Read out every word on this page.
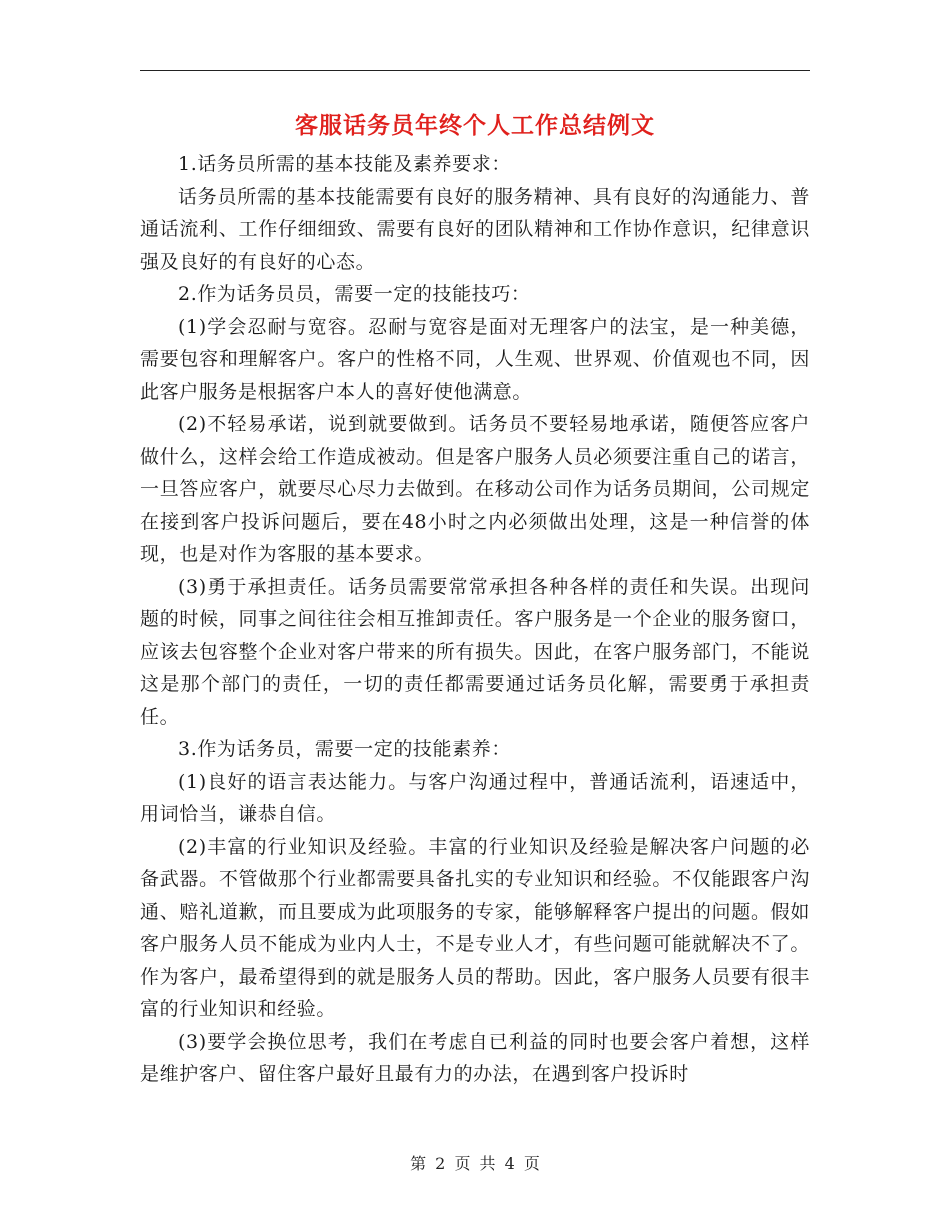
客服话务员年终个人工作总结例文

1.话务员所需的基本技能及素养要求：

话务员所需的基本技能需要有良好的服务精神、具有良好的沟通能力、普通话流利、工作仔细细致、需要有良好的团队精神和工作协作意识，纪律意识强及良好的有良好的心态。

2.作为话务员员，需要一定的技能技巧：

(1)学会忍耐与宽容。忍耐与宽容是面对无理客户的法宝，是一种美德，需要包容和理解客户。客户的性格不同，人生观、世界观、价值观也不同，因此客户服务是根据客户本人的喜好使他满意。

(2)不轻易承诺，说到就要做到。话务员不要轻易地承诺，随便答应客户做什么，这样会给工作造成被动。但是客户服务人员必须要注重自己的诺言，一旦答应客户，就要尽心尽力去做到。在移动公司作为话务员期间，公司规定在接到客户投诉问题后，要在48小时之内必须做出处理，这是一种信誉的体现，也是对作为客服的基本要求。

(3)勇于承担责任。话务员需要常常承担各种各样的责任和失误。出现问题的时候，同事之间往往会相互推卸责任。客户服务是一个企业的服务窗口，应该去包容整个企业对客户带来的所有损失。因此，在客户服务部门，不能说这是那个部门的责任，一切的责任都需要通过话务员化解，需要勇于承担责任。

3.作为话务员，需要一定的技能素养：

(1)良好的语言表达能力。与客户沟通过程中，普通话流利，语速适中，用词恰当，谦恭自信。

(2)丰富的行业知识及经验。丰富的行业知识及经验是解决客户问题的必备武器。不管做那个行业都需要具备扎实的专业知识和经验。不仅能跟客户沟通、赔礼道歉，而且要成为此项服务的专家，能够解释客户提出的问题。假如客户服务人员不能成为业内人士，不是专业人才，有些问题可能就解决不了。作为客户，最希望得到的就是服务人员的帮助。因此，客户服务人员要有很丰富的行业知识和经验。

(3)要学会换位思考，我们在考虑自已利益的同时也要会客户着想，这样是维护客户、留住客户最好且最有力的办法，在遇到客户投诉时

第 2 页 共 4 页
